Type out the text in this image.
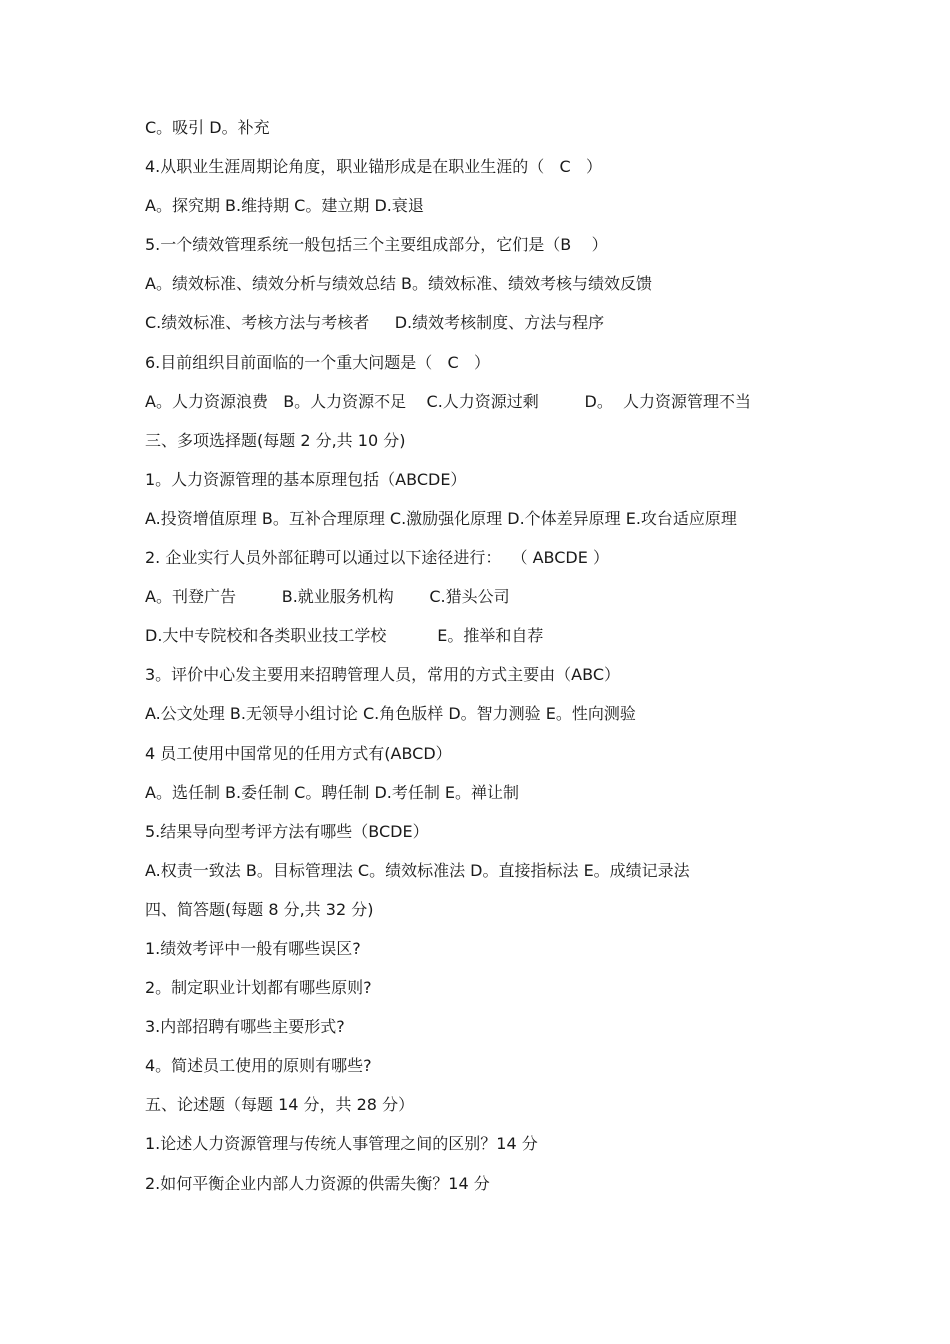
C。吸引 D。补充
4.从职业生涯周期论角度，职业锚形成是在职业生涯的（   C   ）
A。探究期 B.维持期 C。建立期 D.衰退
5.一个绩效管理系统一般包括三个主要组成部分，它们是（B    ）
A。绩效标准、绩效分析与绩效总结 B。绩效标准、绩效考核与绩效反馈
C.绩效标准、考核方法与考核者     D.绩效考核制度、方法与程序
6.目前组织目前面临的一个重大问题是（   C   ）
A。人力资源浪费   B。人力资源不足    C.人力资源过剩         D。  人力资源管理不当
三、多项选择题(每题 2 分,共 10 分)
1。人力资源管理的基本原理包括（ABCDE）
A.投资增值原理 B。互补合理原理 C.激励强化原理 D.个体差异原理 E.攻台适应原理
2. 企业实行人员外部征聘可以通过以下途径进行：  （ ABCDE ）
A。刊登广告         B.就业服务机构       C.猎头公司
D.大中专院校和各类职业技工学校          E。推举和自荐
3。评价中心发主要用来招聘管理人员，常用的方式主要由（ABC）
A.公文处理 B.无领导小组讨论 C.角色版样 D。智力测验 E。性向测验
4 员工使用中国常见的任用方式有(ABCD）
A。选任制 B.委任制 C。聘任制 D.考任制 E。禅让制
5.结果导向型考评方法有哪些（BCDE）
A.权责一致法 B。目标管理法 C。绩效标准法 D。直接指标法 E。成绩记录法
四、简答题(每题 8 分,共 32 分)
1.绩效考评中一般有哪些误区?
2。制定职业计划都有哪些原则?
3.内部招聘有哪些主要形式?
4。简述员工使用的原则有哪些?
五、论述题（每题 14 分，共 28 分）
1.论述人力资源管理与传统人事管理之间的区别？14 分
2.如何平衡企业内部人力资源的供需失衡？14 分
